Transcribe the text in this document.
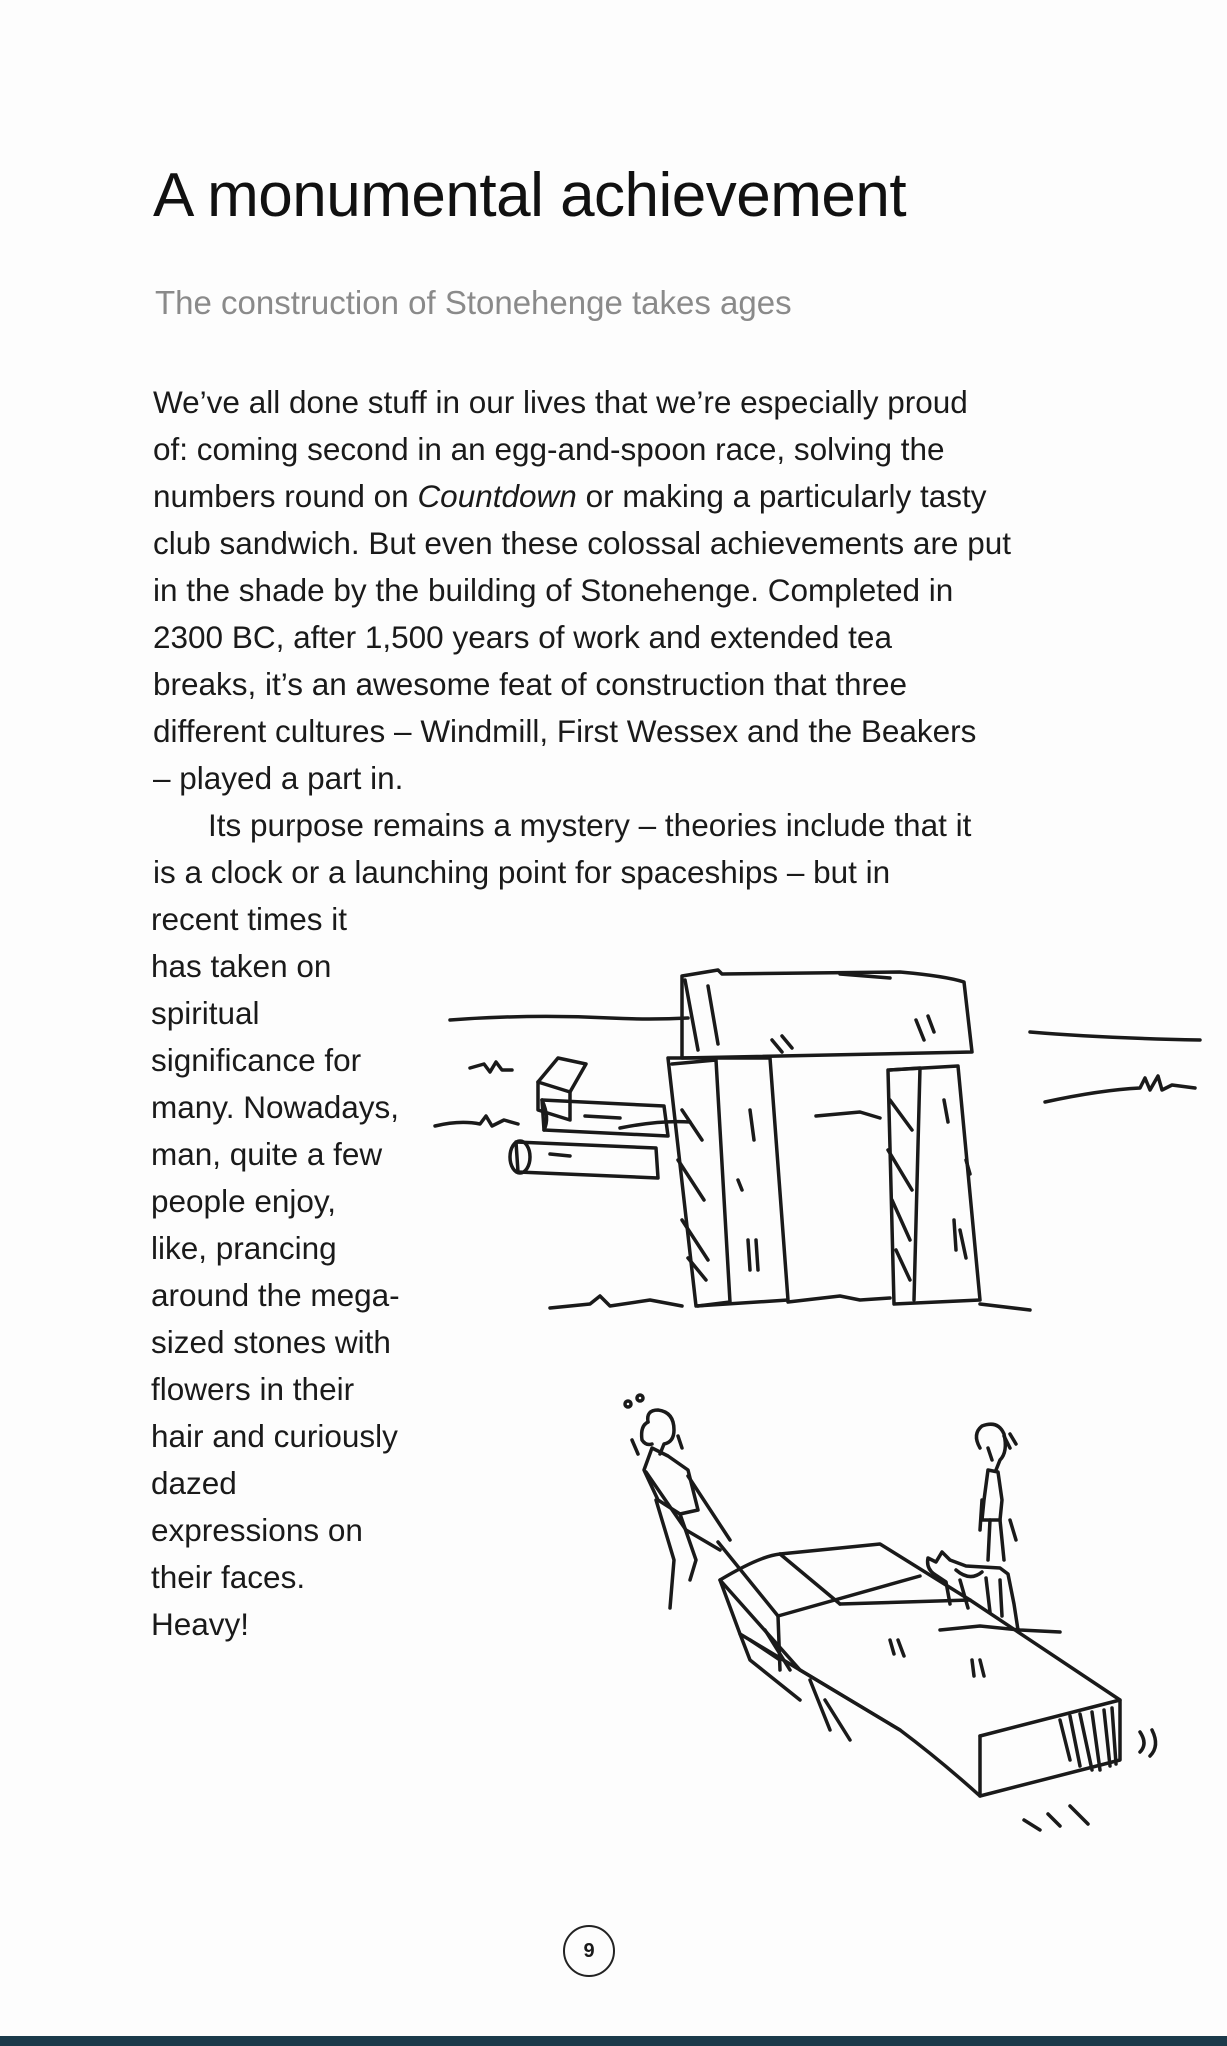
A monumental achievement
The construction of Stonehenge takes ages

We’ve all done stuff in our lives that we’re especially proud

of: coming second in an egg-and-spoon race, solving the

numbers round on Countdown or making a particularly tasty

club sandwich. But even these colossal achievements are put

in the shade by the building of Stonehenge. Completed in

2300 BC, after 1,500 years of work and extended tea

breaks, it’s an awesome feat of construction that three

different cultures – Windmill, First Wessex and the Beakers

– played a part in.

Its purpose remains a mystery – theories include that it

is a clock or a launching point for spaceships – but in

recent times it

has taken on

spiritual

significance for

many. Nowadays,

man, quite a few

people enjoy,

like, prancing

around the mega-

sized stones with

flowers in their

hair and curiously

dazed

expressions on

their faces.

Heavy!

9
